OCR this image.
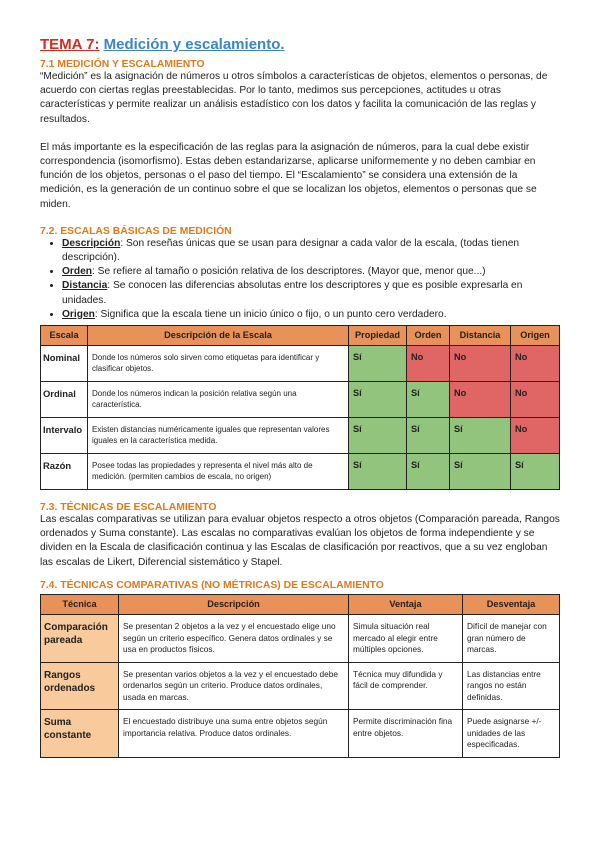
TEMA 7: Medición y escalamiento.
7.1 MEDICIÓN Y ESCALAMIENTO

“Medición” es la asignación de números u otros símbolos a características de objetos, elementos o personas, de acuerdo con ciertas reglas preestablecidas. Por lo tanto, medimos sus percepciones, actitudes u otras características y permite realizar un análisis estadístico con los datos y facilita la comunicación de las reglas y resultados.

El más importante es la especificación de las reglas para la asignación de números, para la cual debe existir correspondencia (isomorfismo). Estas deben estandarizarse, aplicarse uniformemente y no deben cambiar en función de los objetos, personas o el paso del tiempo. El “Escalamiento” se considera una extensión de la medición, es la generación de un continuo sobre el que se localizan los objetos, elementos o personas que se miden.

7.2. ESCALAS BÁSICAS DE MEDICIÓN
• Descripción: Son reseñas únicas que se usan para designar a cada valor de la escala, (todas tienen descripción).
• Orden: Se refiere al tamaño o posición relativa de los descriptores. (Mayor que, menor que...)
• Distancia: Se conocen las diferencias absolutas entre los descriptores y que es posible expresarla en unidades.
• Origen: Significa que la escala tiene un inicio único o fijo, o un punto cero verdadero.
Escala	Descripción de la Escala	Propiedad	Orden	Distancia	Origen
Nominal	Donde los números solo sirven como etiquetas para identificar y clasificar objetos.	Sí	No	No	No
Ordinal	Donde los números indican la posición relativa según una característica.	Sí	Sí	No	No
Intervalo	Existen distancias numéricamente iguales que representan valores iguales en la característica medida.	Sí	Sí	Sí	No
Razón	Posee todas las propiedades y representa el nivel más alto de medición. (permiten cambios de escala, no origen)	Sí	Sí	Sí	Sí
7.3. TÉCNICAS DE ESCALAMIENTO

Las escalas comparativas se utilizan para evaluar objetos respecto a otros objetos (Comparación pareada, Rangos ordenados y Suma constante). Las escalas no comparativas evalúan los objetos de forma independiente y se dividen en la Escala de clasificación continua y las Escalas de clasificación por reactivos, que a su vez engloban las escalas de Likert, Diferencial sistemático y Stapel.

7.4. TÉCNICAS COMPARATIVAS (NO MÉTRICAS) DE ESCALAMIENTO
Técnica	Descripción	Ventaja	Desventaja
Comparación pareada	Se presentan 2 objetos a la vez y el encuestado elige uno según un criterio específico. Genera datos ordinales y se usa en productos físicos.	Simula situación real mercado al elegir entre múltiples opciones.	Difícil de manejar con gran número de marcas.
Rangos ordenados	Se presentan varios objetos a la vez y el encuestado debe ordenarlos según un criterio. Produce datos ordinales, usada en marcas.	Técnica muy difundida y fácil de comprender.	Las distancias entre rangos no están definidas.
Suma constante	El encuestado distribuye una suma entre objetos según importancia relativa. Produce datos ordinales.	Permite discriminación fina entre objetos.	Puede asignarse +/- unidades de las especificadas.
